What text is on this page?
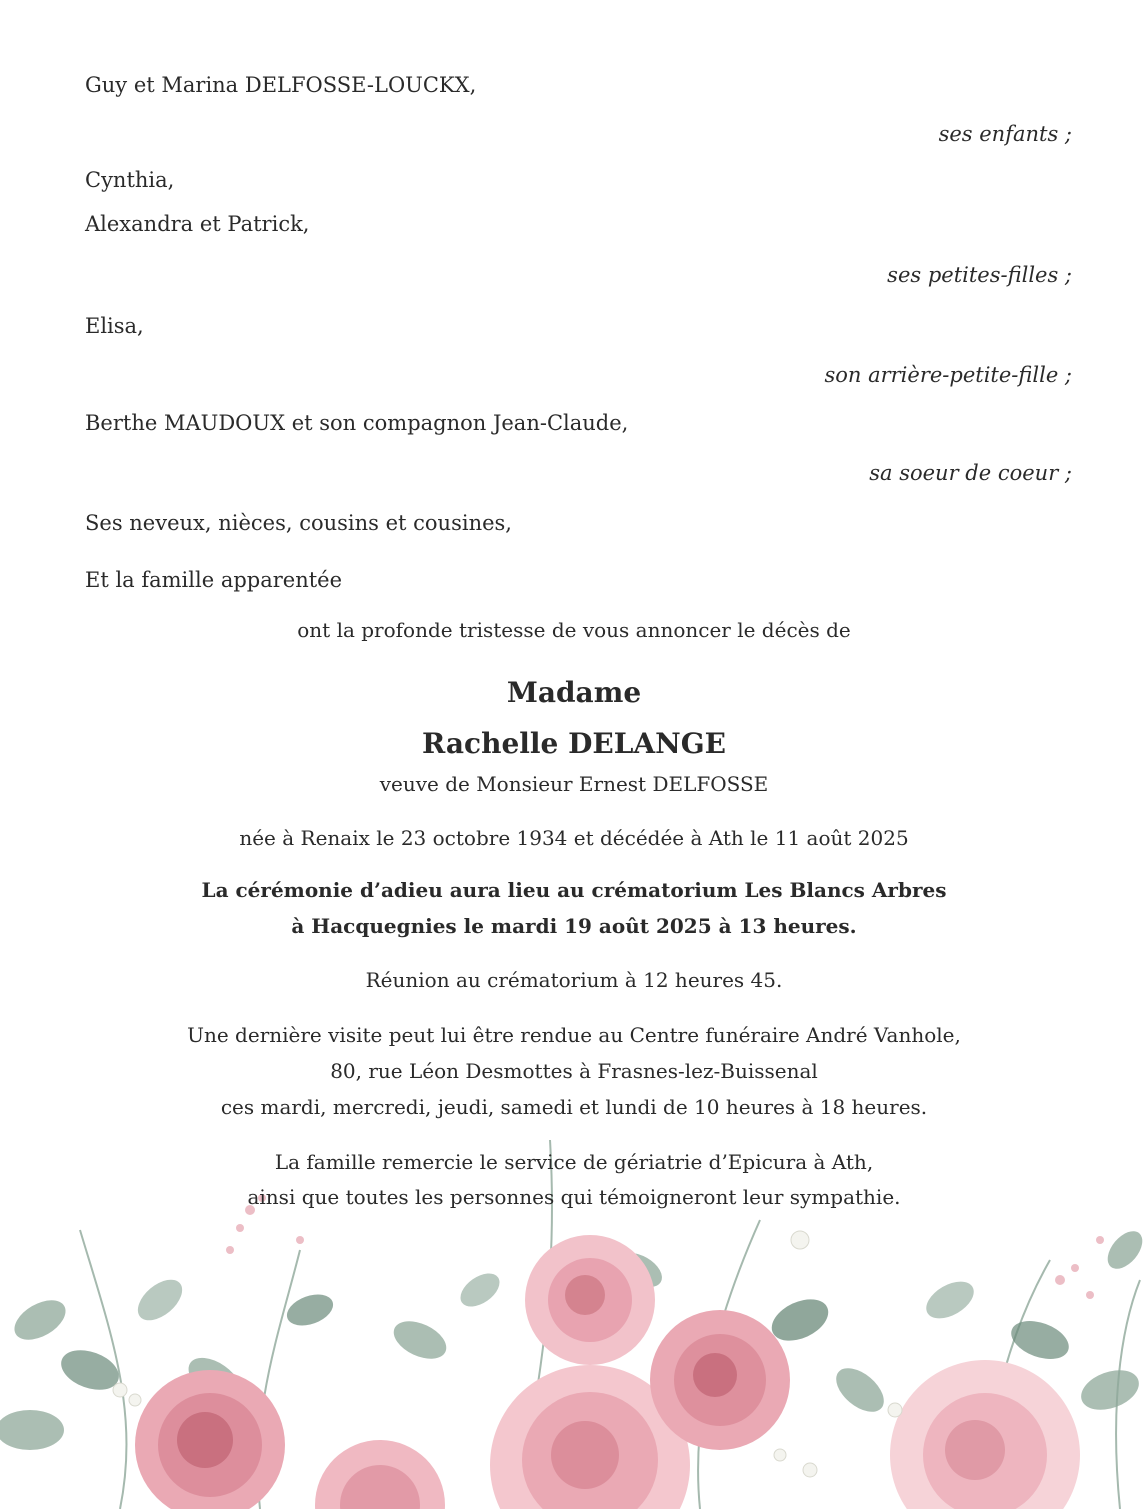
Guy et Marina DELFOSSE-LOUCKX,
ses enfants ;
Cynthia,
Alexandra et Patrick,
ses petites-filles ;
Elisa,
son arrière-petite-fille ;
Berthe MAUDOUX et son compagnon Jean-Claude,
sa soeur de coeur ;
Ses neveux, nièces, cousins et cousines,
Et la famille apparentée
ont la profonde tristesse de vous annoncer le décès de
Madame
Rachelle DELANGE
veuve de Monsieur Ernest DELFOSSE
née à Renaix le 23 octobre 1934 et décédée à Ath le 11 août 2025
La cérémonie d’adieu aura lieu au crématorium Les Blancs Arbres
à Hacquegnies le mardi 19 août 2025 à 13 heures.
Réunion au crématorium à 12 heures 45.
Une dernière visite peut lui être rendue au Centre funéraire André Vanhole,
80, rue Léon Desmottes à Frasnes-lez-Buissenal
ces mardi, mercredi, jeudi, samedi et lundi de 10 heures à 18 heures.
La famille remercie le service de gériatrie d’Epicura à Ath,
ainsi que toutes les personnes qui témoigneront leur sympathie.
